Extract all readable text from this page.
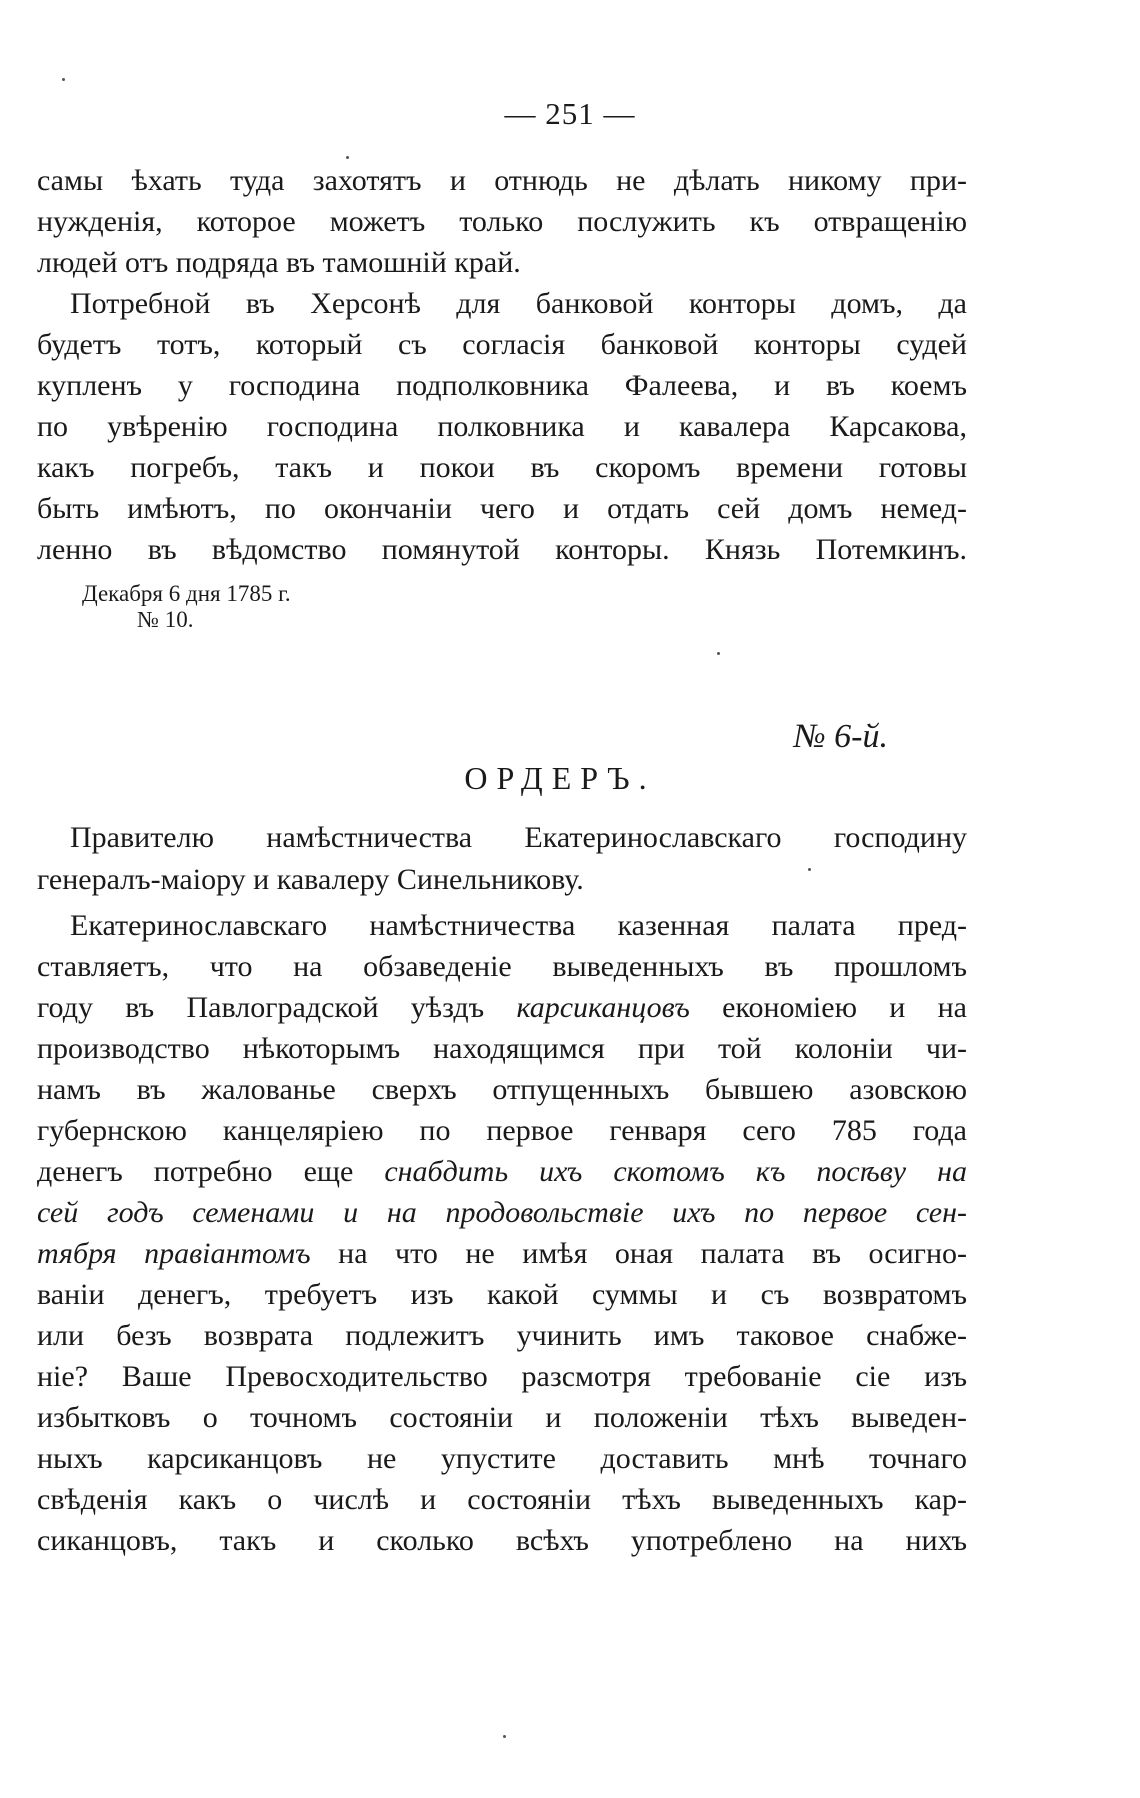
— 251 —
самы ѣхать туда захотятъ и отнюдь не дѣлать никому при-
нужденія, которое можетъ только послужить къ отвращенію
людей отъ подряда въ тамошній край.
Потребной въ Херсонѣ для банковой конторы домъ, да
будетъ тотъ, который съ согласія банковой конторы судей
купленъ у господина подполковника Фалеева, и въ коемъ
по увѣренію господина полковника и кавалера Карсакова,
какъ погребъ, такъ и покои въ скоромъ времени готовы
быть имѣютъ, по окончаніи чего и отдать сей домъ немед-
ленно въ вѣдомство помянутой конторы. Князь Потемкинъ.
Декабря 6 дня 1785 г.
№ 10.
№ 6-й.
ОРДЕРЪ.
Правителю намѣстничества Екатеринославскаго господину
генералъ-маіору и кавалеру Синельникову.
Екатеринославскаго намѣстничества казенная палата пред-
ставляетъ, что на обзаведеніе выведенныхъ въ прошломъ
году въ Павлоградской уѣздъ карсиканцовъ економіею и на
производство нѣкоторымъ находящимся при той колоніи чи-
намъ въ жалованье сверхъ отпущенныхъ бывшею азовскою
губернскою канцеляріею по первое генваря сего 785 года
денегъ потребно еще снабдить ихъ скотомъ къ посѣву на
сей годъ семенами и на продовольствіе ихъ по первое сен-
тября правіантомъ на что не имѣя оная палата въ осигно-
ваніи денегъ, требуетъ изъ какой суммы и съ возвратомъ
или безъ возврата подлежитъ учинить имъ таковое снабже-
ніе? Ваше Превосходительство разсмотря требованіе сіе изъ
избытковъ о точномъ состояніи и положеніи тѣхъ выведен-
ныхъ карсиканцовъ не упустите доставить мнѣ точнаго
свѣденія какъ о числѣ и состояніи тѣхъ выведенныхъ кар-
сиканцовъ, такъ и сколько всѣхъ употреблено на нихъ
